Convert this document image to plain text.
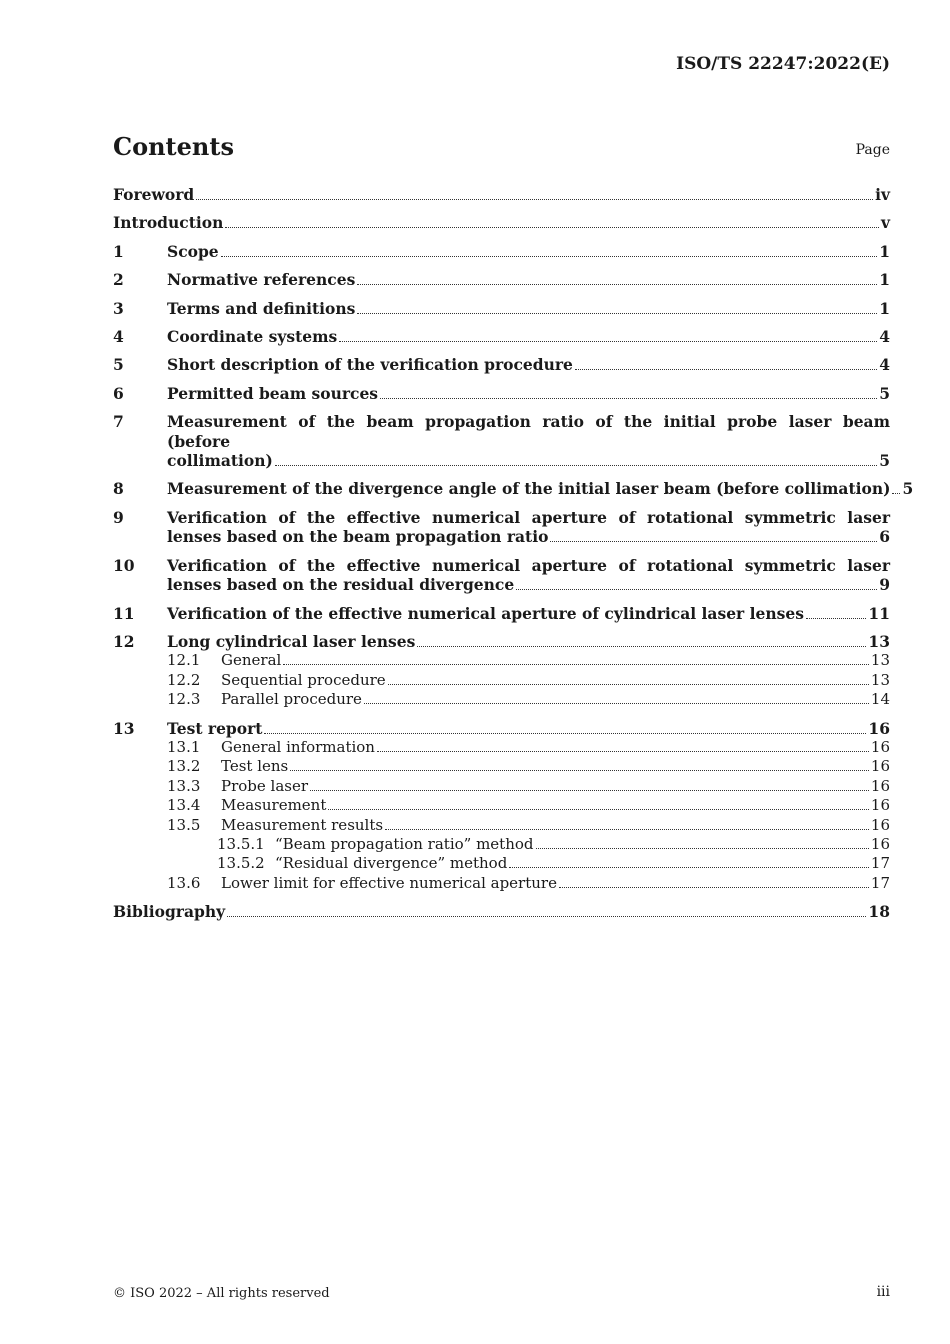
ISO/TS 22247:2022(E)
Contents	Page
Foreword	iv
Introduction	v
1	Scope	1
2	Normative references	1
3	Terms and definitions	1
4	Coordinate systems	4
5	Short description of the verification procedure	4
6	Permitted beam sources	5
7	Measurement of the beam propagation ratio of the initial probe laser beam (before
collimation)	5
8	Measurement of the divergence angle of the initial laser beam (before collimation) 5
9	Verification of the effective numerical aperture of rotational symmetric laser
lenses based on the beam propagation ratio	6
10	Verification of the effective numerical aperture of rotational symmetric laser
lenses based on the residual divergence	9
11	Verification of the effective numerical aperture of cylindrical laser lenses	11
12	Long cylindrical laser lenses	13
12.1	General	13
12.2	Sequential procedure	13
12.3	Parallel procedure	14
13	Test report	16
13.1	General information	16
13.2	Test lens	16
13.3	Probe laser	16
13.4	Measurement	16
13.5	Measurement results	16
13.5.1 “Beam propagation ratio” method	16
13.5.2 “Residual divergence” method	17
13.6	Lower limit for effective numerical aperture	17
Bibliography	18
© ISO 2022 – All rights reserved	iii
